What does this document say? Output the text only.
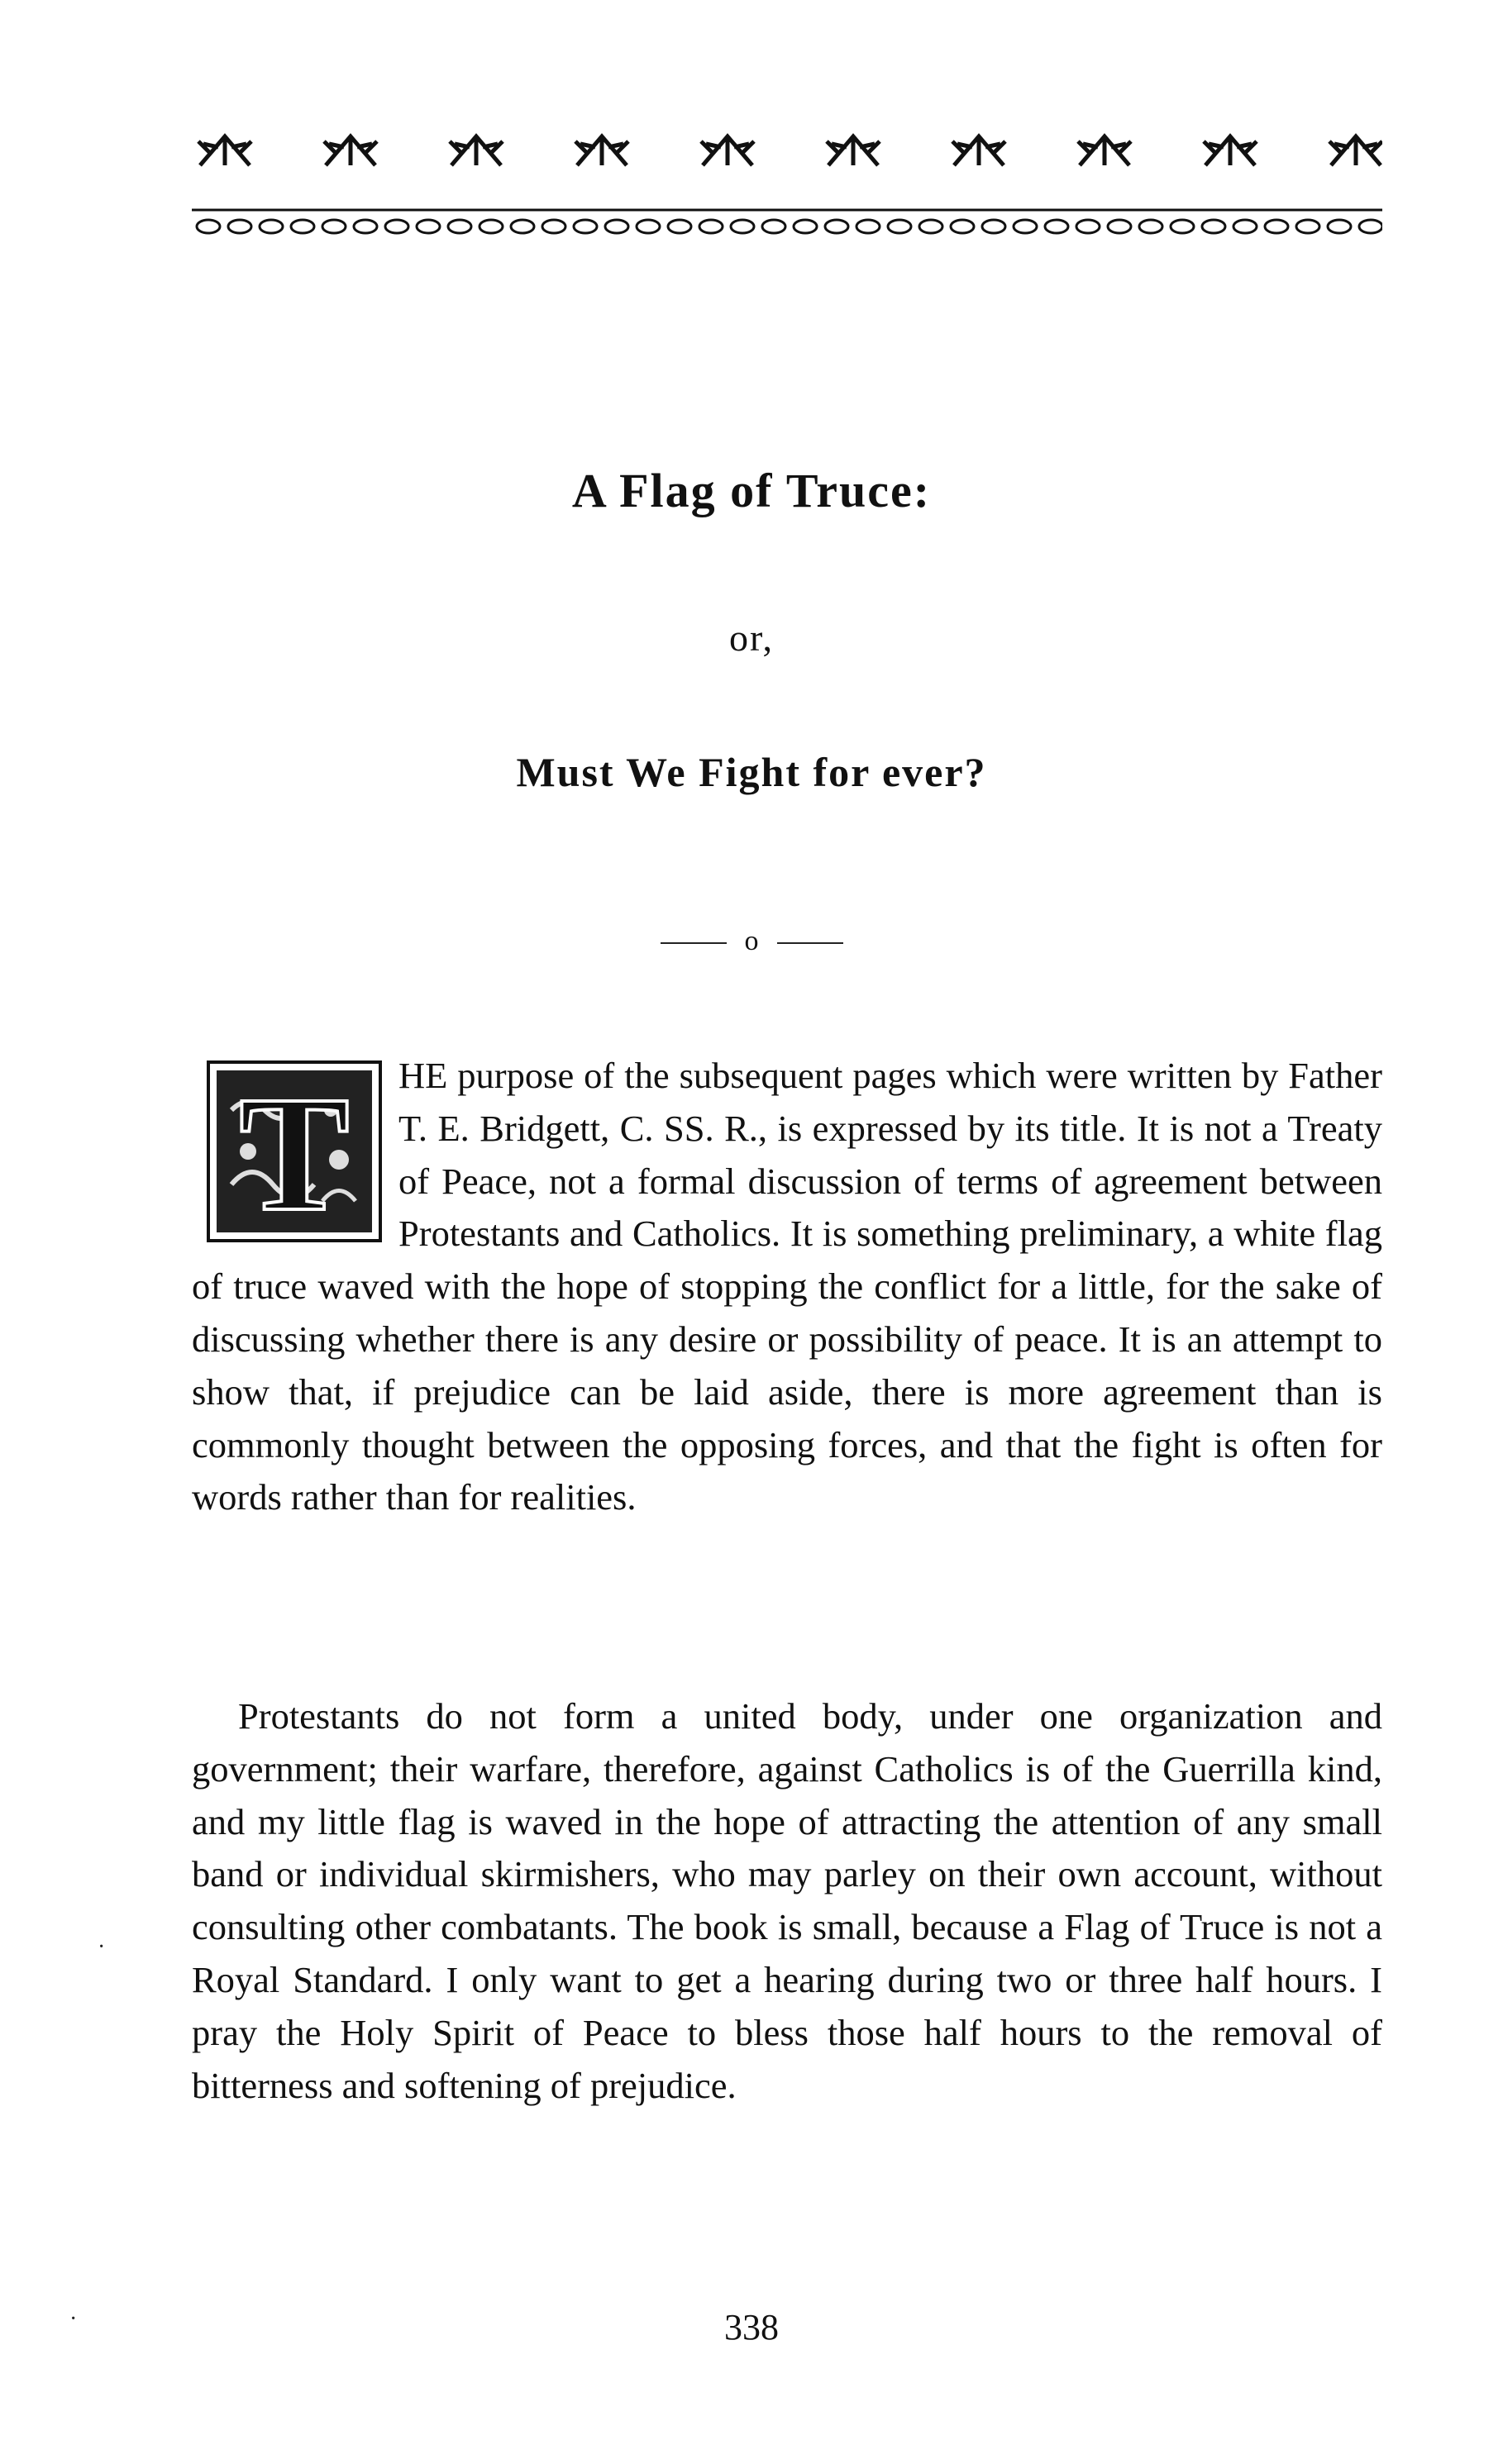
A Flag of Truce:
or,
Must We Fight for ever?
o
HE purpose of the subsequent pages which were written by Father T. E. Bridgett, C. SS. R., is expressed by its title. It is not a Treaty of Peace, not a formal discussion of terms of agreement between Protestants and Catholics. It is something preliminary, a white flag of truce waved with the hope of stopping the conflict for a little, for the sake of discussing whether there is any desire or possibility of peace. It is an attempt to show that, if prejudice can be laid aside, there is more agreement than is commonly thought between the opposing forces, and that the fight is often for words rather than for realities.
T
Protestants do not form a united body, under one organization and government; their warfare, therefore, against Catholics is of the Guerrilla kind, and my little flag is waved in the hope of attracting the attention of any small band or individual skirmishers, who may parley on their own account, without consulting other combatants. The book is small, because a Flag of Truce is not a Royal Standard. I only want to get a hearing during two or three half hours. I pray the Holy Spirit of Peace to bless those half hours to the removal of bitterness and softening of prejudice.
·
·	338
